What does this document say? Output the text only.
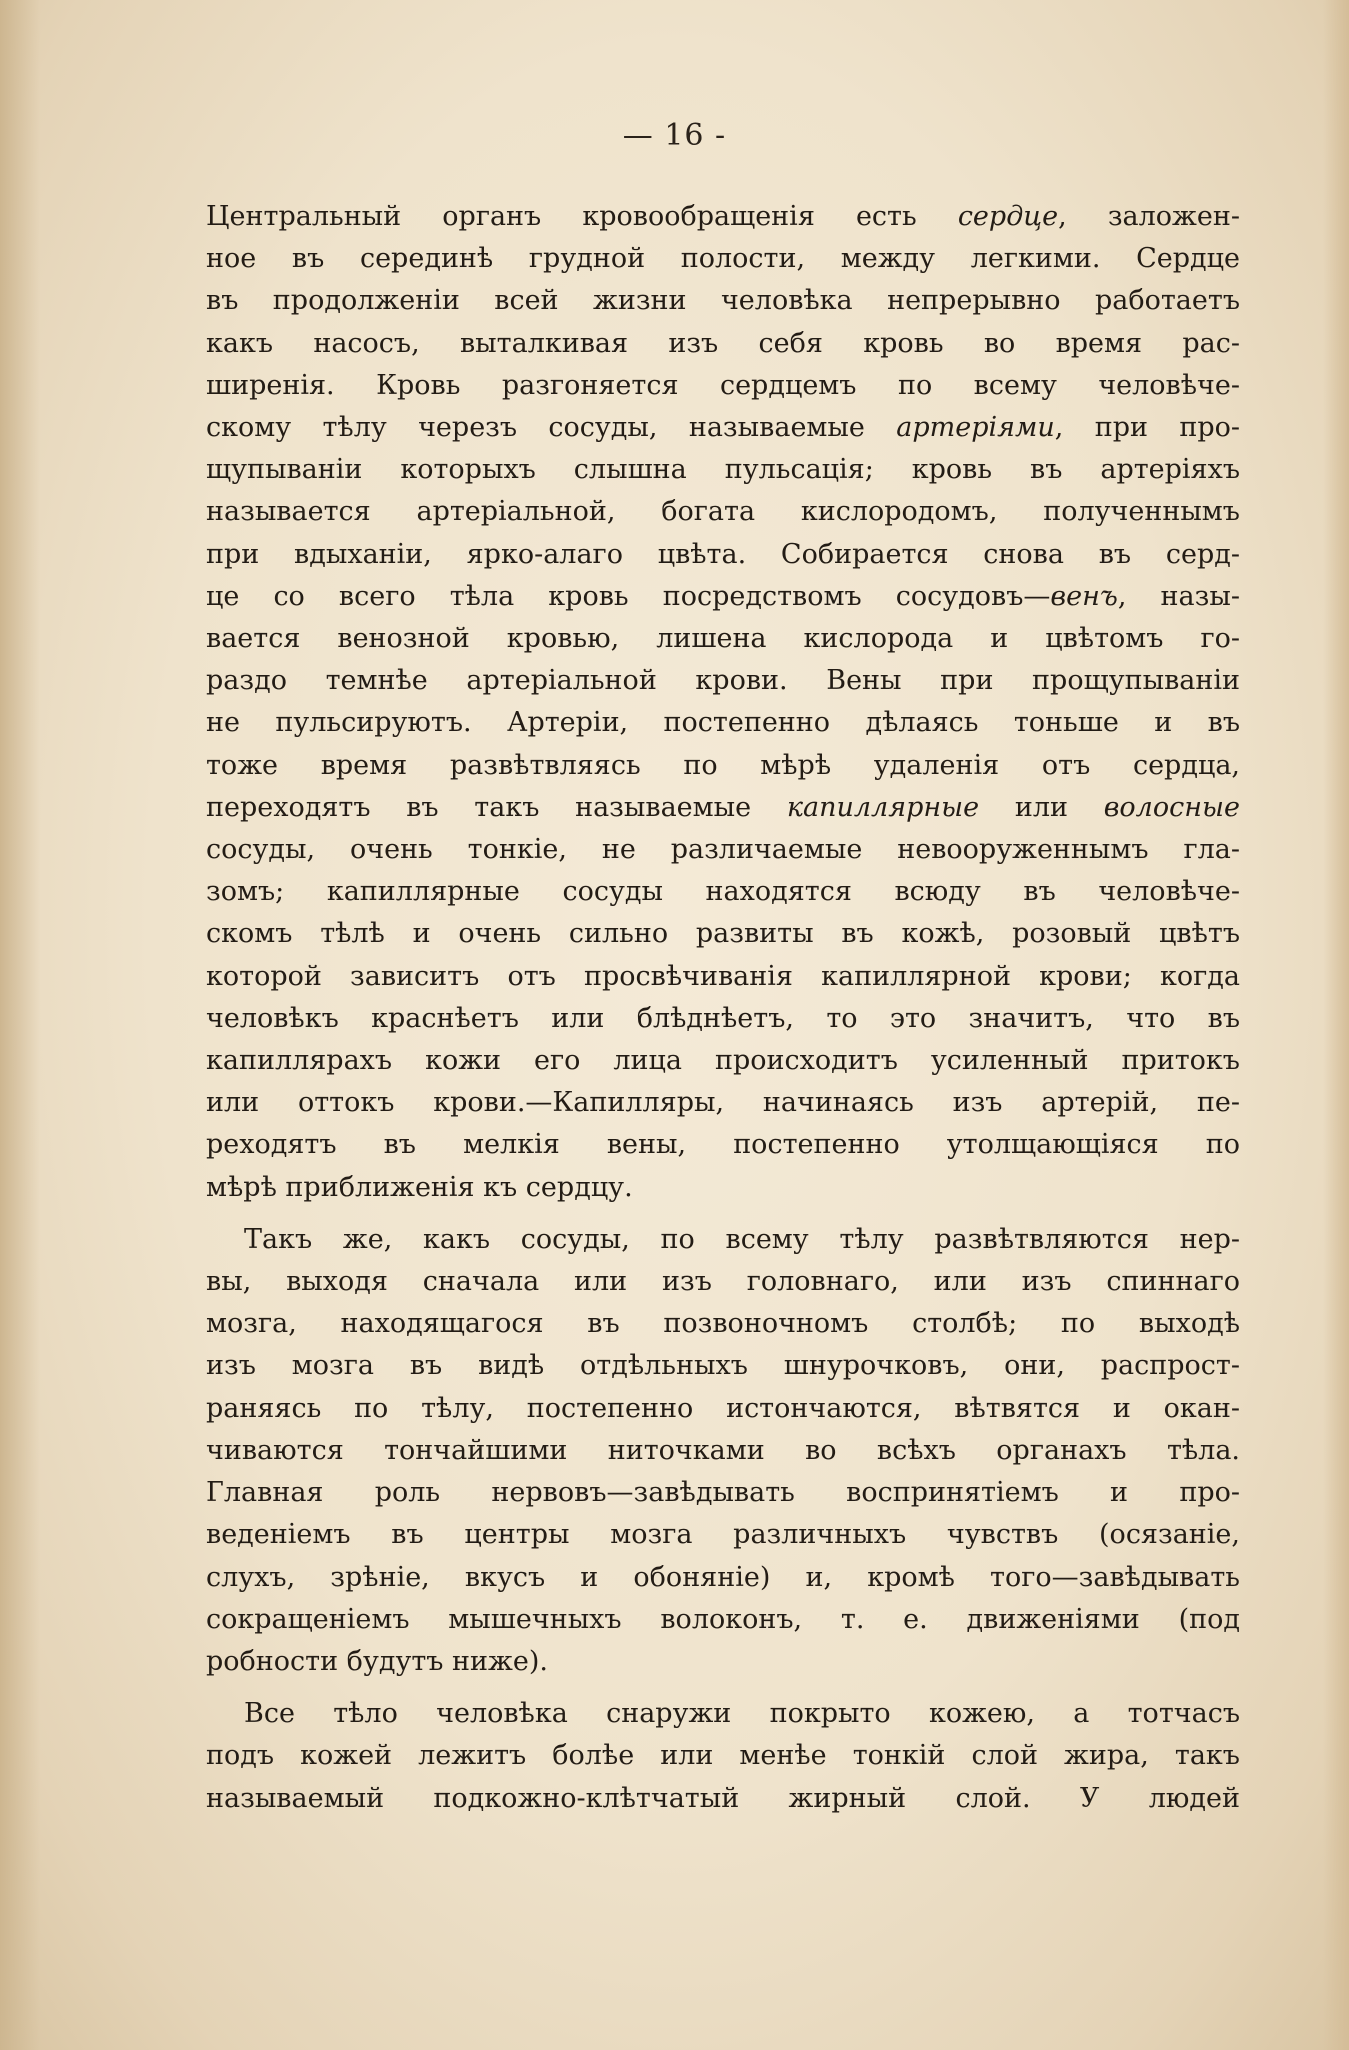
— 16 -
Центральный органъ кровообращенія есть сердце, заложен-
ное въ серединѣ грудной полости, между легкими. Сердце
въ продолженіи всей жизни человѣка непрерывно работаетъ
какъ насосъ, выталкивая изъ себя кровь во время рас-
ширенія. Кровь разгоняется сердцемъ по всему человѣче-
скому тѣлу черезъ сосуды, называемые артеріями, при про-
щупываніи которыхъ слышна пульсація; кровь въ артеріяхъ
называется артеріальной, богата кислородомъ, полученнымъ
при вдыханіи, ярко-алаго цвѣта. Собирается снова въ серд-
це со всего тѣла кровь посредствомъ сосудовъ—венъ, назы-
вается венозной кровью, лишена кислорода и цвѣтомъ го-
раздо темнѣе артеріальной крови. Вены при прощупываніи
не пульсируютъ. Артеріи, постепенно дѣлаясь тоньше и въ
тоже время развѣтвляясь по мѣрѣ удаленія отъ сердца,
переходятъ въ такъ называемые капиллярные или волосные
сосуды, очень тонкіе, не различаемые невооруженнымъ гла-
зомъ; капиллярные сосуды находятся всюду въ человѣче-
скомъ тѣлѣ и очень сильно развиты въ кожѣ, розовый цвѣтъ
которой зависитъ отъ просвѣчиванія капиллярной крови; когда
человѣкъ краснѣетъ или блѣднѣетъ, то это значитъ, что въ
капиллярахъ кожи его лица происходитъ усиленный притокъ
или оттокъ крови.—Капилляры, начинаясь изъ артерій, пе-
реходятъ въ мелкія вены, постепенно утолщающіяся по
мѣрѣ приближенія къ сердцу.
Такъ же, какъ сосуды, по всему тѣлу развѣтвляются нер-
вы, выходя сначала или изъ головнаго, или изъ спиннаго
мозга, находящагося въ позвоночномъ столбѣ; по выходѣ
изъ мозга въ видѣ отдѣльныхъ шнурочковъ, они, распрост-
раняясь по тѣлу, постепенно истончаются, вѣтвятся и окан-
чиваются тончайшими ниточками во всѣхъ органахъ тѣла.
Главная роль нервовъ—завѣдывать воспринятіемъ и про-
веденіемъ въ центры мозга различныхъ чувствъ (осязаніе,
слухъ, зрѣніе, вкусъ и обоняніе) и, кромѣ того—завѣдывать
сокращеніемъ мышечныхъ волоконъ, т. е. движеніями (под
робности будутъ ниже).
Все тѣло человѣка снаружи покрыто кожею, а тотчасъ
подъ кожей лежитъ болѣе или менѣе тонкій слой жира, такъ
называемый подкожно-клѣтчатый жирный слой. У людей
